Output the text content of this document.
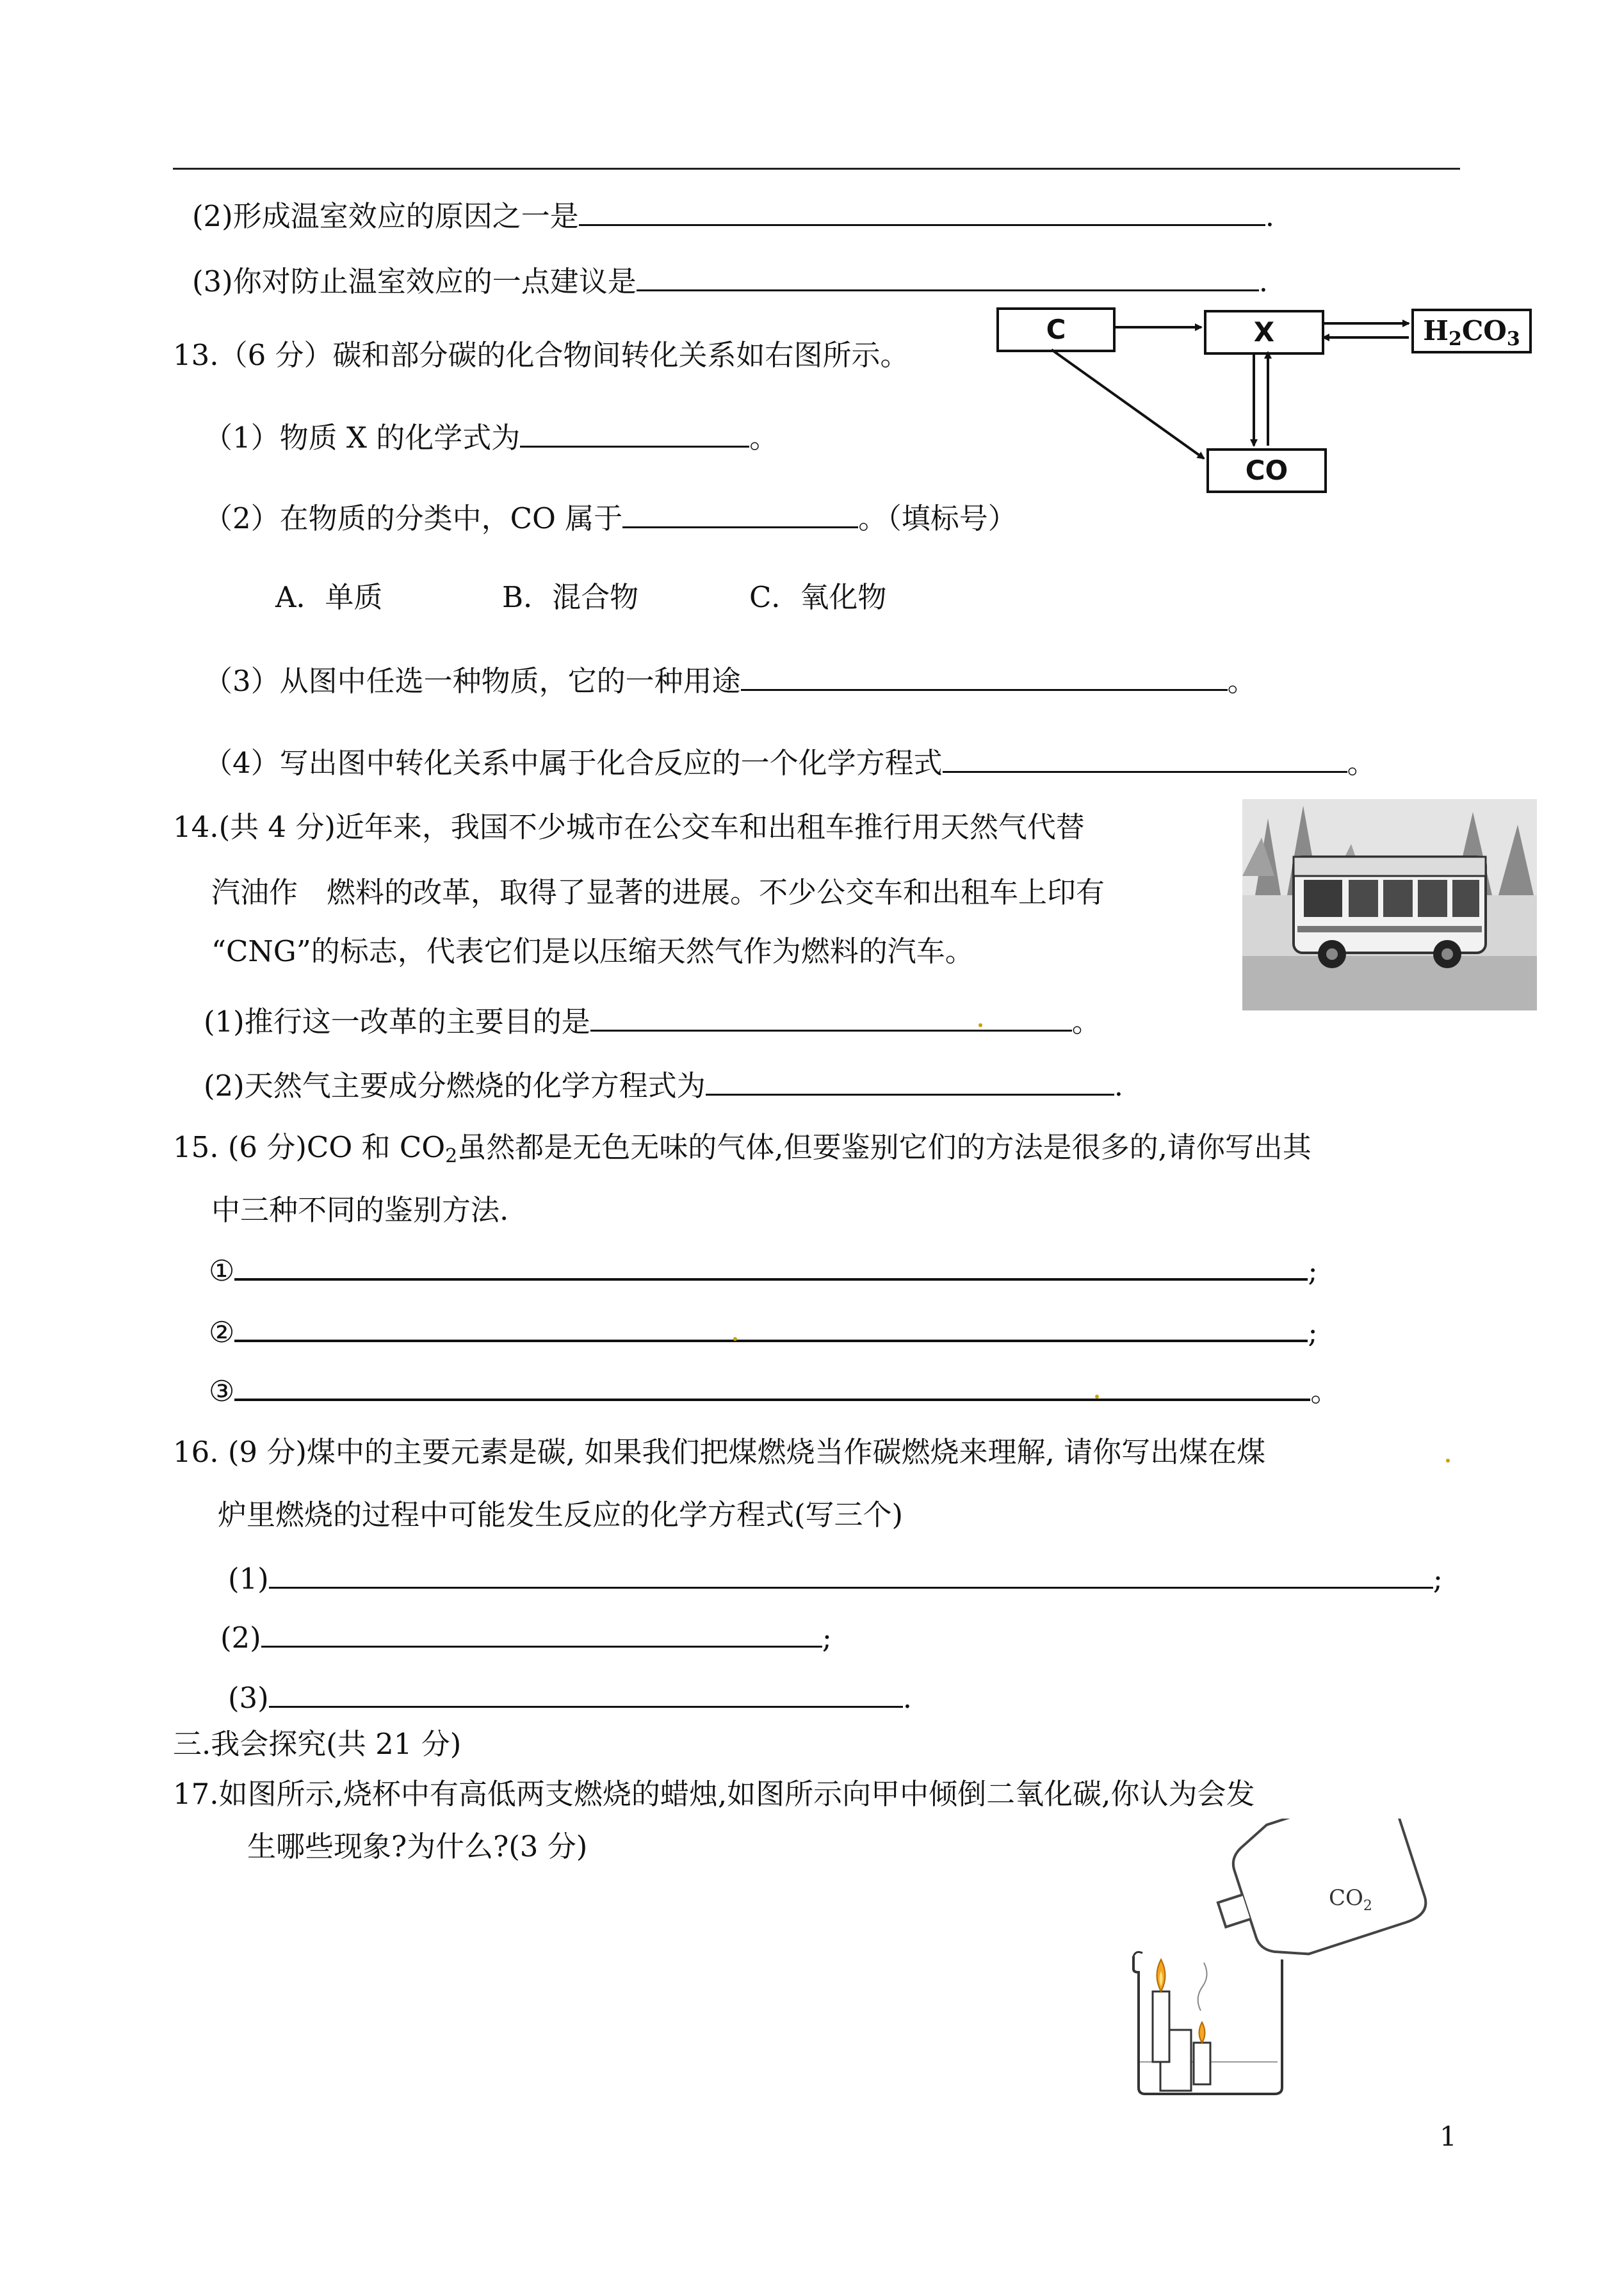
(2)形成温室效应的原因之一是	.
(3)你对防止温室效应的一点建议是	.
13.（6 分）碳和部分碳的化合物间转化关系如右图所示。
C	X	$H_2CO_3$
CO
（1）物质 X 的化学式为	。
（2）在物质的分类中，CO 属于	。（填标号）
A．单质	B．混合物	C．氧化物
（3）从图中任选一种物质，它的一种用途	。
（4）写出图中转化关系中属于化合反应的一个化学方程式	。
14.(共 4 分)近年来，我国不少城市在公交车和出租车推行用天然气代替
汽油作　燃料的改革，取得了显著的进展。不少公交车和出租车上印有
“CNG”的标志，代表它们是以压缩天然气作为燃料的汽车。
(1)推行这一改革的主要目的是	。
(2)天然气主要成分燃烧的化学方程式为	.
15. (6 分)CO 和 $CO_2$虽然都是无色无味的气体,但要鉴别它们的方法是很多的,请你写出其
中三种不同的鉴别方法.
①	;
②	;
③	。
16. (9 分)煤中的主要元素是碳, 如果我们把煤燃烧当作碳燃烧来理解, 请你写出煤在煤
炉里燃烧的过程中可能发生反应的化学方程式(写三个)
(1)	;
(2)	;
(3)	.
三.我会探究(共 21 分)
17.如图所示,烧杯中有高低两支燃烧的蜡烛,如图所示向甲中倾倒二氧化碳,你认为会发
生哪些现象?为什么?(3 分)
$CO_2$
1
